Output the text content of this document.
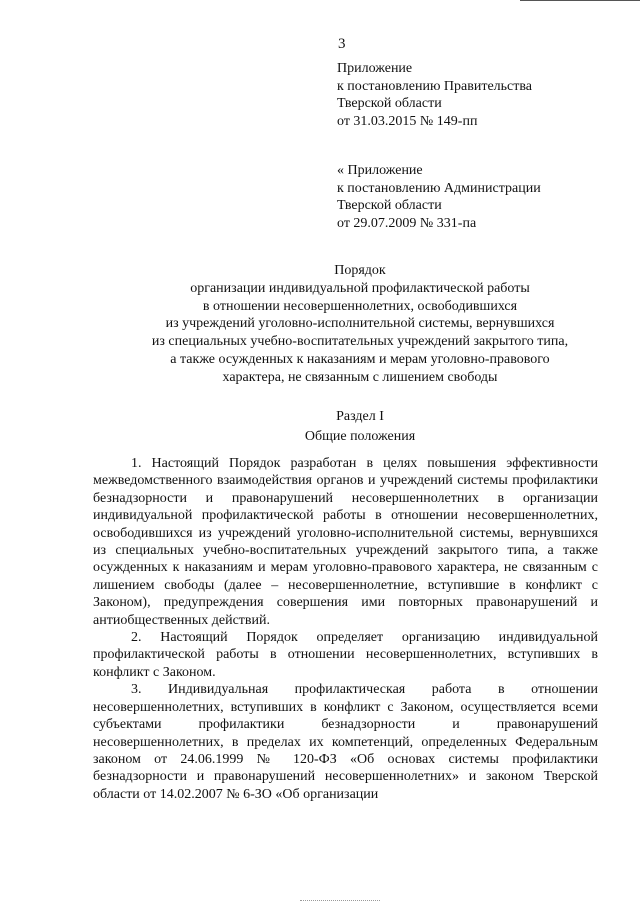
3
Приложение
к постановлению Правительства
Тверской области
от 31.03.2015 № 149-пп
« Приложение
к постановлению Администрации
Тверской области
от 29.07.2009 № 331-па
Порядок
организации индивидуальной профилактической работы
в отношении несовершеннолетних, освободившихся
из учреждений уголовно-исполнительной системы, вернувшихся
из специальных учебно-воспитательных учреждений закрытого типа,
а также осужденных к наказаниям и мерам уголовно-правового
характера, не связанным с лишением свободы
Раздел I
Общие положения

1. Настоящий Порядок разработан в целях повышения эффективности межведомственного взаимодействия органов и учреждений системы профилактики безнадзорности и правонарушений несовершеннолетних в организации индивидуальной профилактической работы в отношении несовершеннолетних, освободившихся из учреждений уголовно-исполнительной системы, вернувшихся из специальных учебно-воспитательных учреждений закрытого типа, а также осужденных к наказаниям и мерам уголовно-правового характера, не связанным с лишением свободы (далее – несовершеннолетние, вступившие в конфликт с Законом), предупреждения совершения ими повторных правонарушений и антиобщественных действий.

2. Настоящий Порядок определяет организацию индивидуальной профилактической работы в отношении несовершеннолетних, вступивших в конфликт с Законом.

3. Индивидуальная профилактическая работа в отношении несовершеннолетних, вступивших в конфликт с Законом, осуществляется всеми субъектами профилактики безнадзорности и правонарушений несовершеннолетних, в пределах их компетенций, определенных Федеральным законом от 24.06.1999 № 120-ФЗ «Об основах системы профилактики безнадзорности и правонарушений несовершеннолетних» и законом Тверской области от 14.02.2007 № 6-ЗО «Об организации
